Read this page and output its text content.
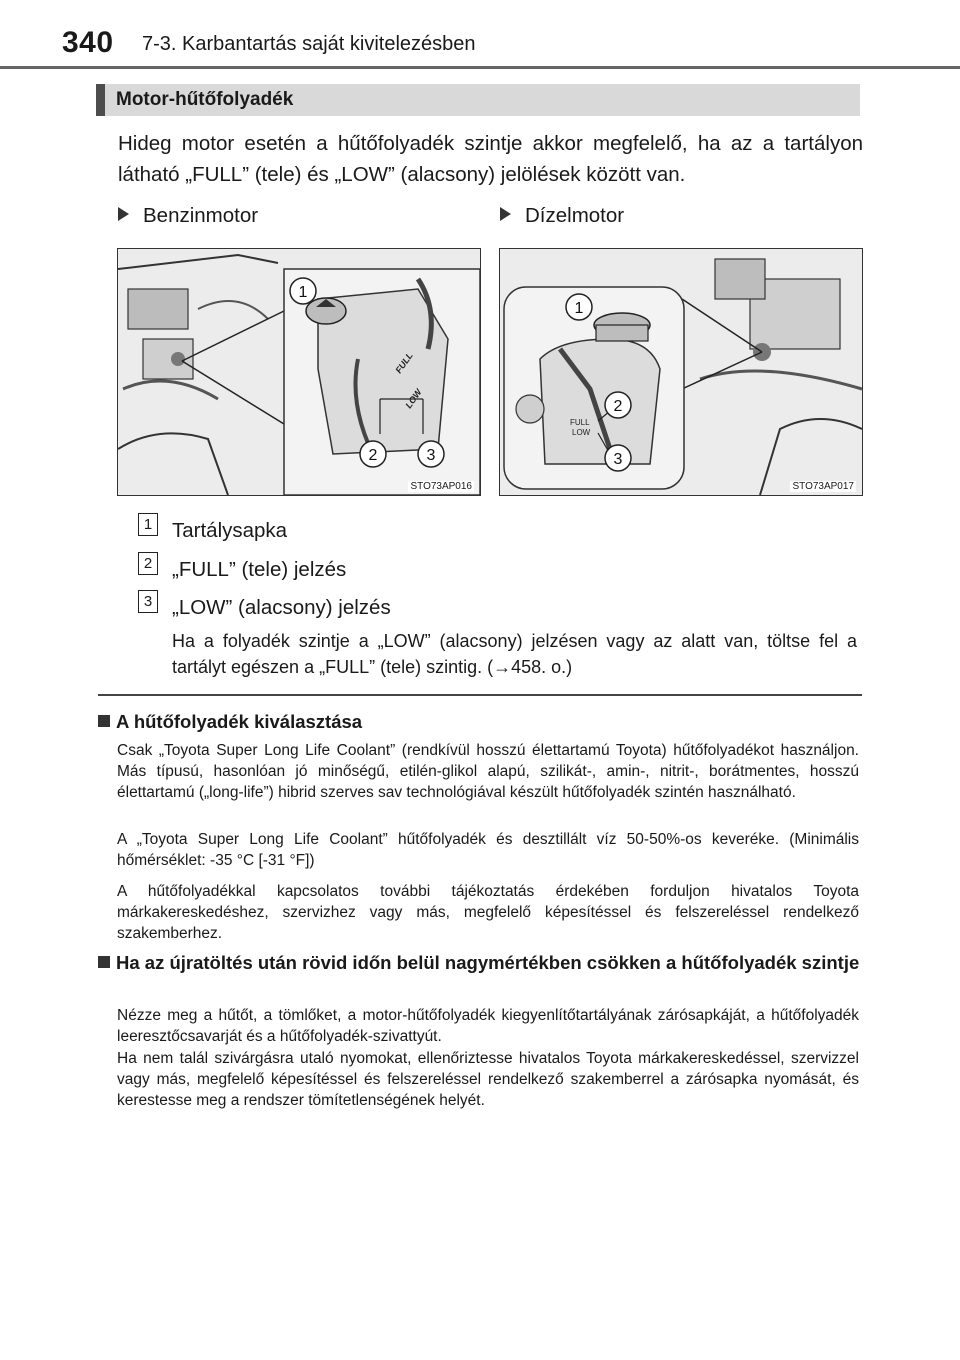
340 7-3. Karbantartás saját kivitelezésben
Motor-hűtőfolyadék
Hideg motor esetén a hűtőfolyadék szintje akkor megfelelő, ha az a tartályon látható „FULL” (tele) és „LOW” (alacsony) jelölések között van.
Benzinmotor	Dízelmotor
FULL
LOW
1
2	3
STO73AP016
FULL
LOW
1
2
3
STO73AP017
1 Tartálysapka
2 „FULL” (tele) jelzés
3 „LOW” (alacsony) jelzés
Ha a folyadék szintje a „LOW” (alacsony) jelzésen vagy az alatt van, töltse fel a tartályt egészen a „FULL” (tele) szintig. (→458. o.)
A hűtőfolyadék kiválasztása
Csak „Toyota Super Long Life Coolant” (rendkívül hosszú élettartamú Toyota) hűtőfolyadékot használjon. Más típusú, hasonlóan jó minőségű, etilén-glikol alapú, szilikát-, amin-, nitrit-, borátmentes, hosszú élettartamú („long-life”) hibrid szerves sav technológiával készült hűtőfolyadék szintén használható.
A „Toyota Super Long Life Coolant” hűtőfolyadék és desztillált víz 50-50%-os keveréke. (Minimális hőmérséklet: -35 °C [-31 °F])
A hűtőfolyadékkal kapcsolatos további tájékoztatás érdekében forduljon hivatalos Toyota márkakereskedéshez, szervizhez vagy más, megfelelő képesítéssel és felszereléssel rendelkező szakemberhez.
Ha az újratöltés után rövid időn belül nagymértékben csökken a hűtőfolyadék szintje
Nézze meg a hűtőt, a tömlőket, a motor-hűtőfolyadék kiegyenlítőtartályának zárósapkáját, a hűtőfolyadék leeresztőcsavarját és a hűtőfolyadék-szivattyút.
Ha nem talál szivárgásra utaló nyomokat, ellenőriztesse hivatalos Toyota márkakereskedéssel, szervizzel vagy más, megfelelő képesítéssel és felszereléssel rendelkező szakemberrel a zárósapka nyomását, és kerestesse meg a rendszer tömítetlenségének helyét.
